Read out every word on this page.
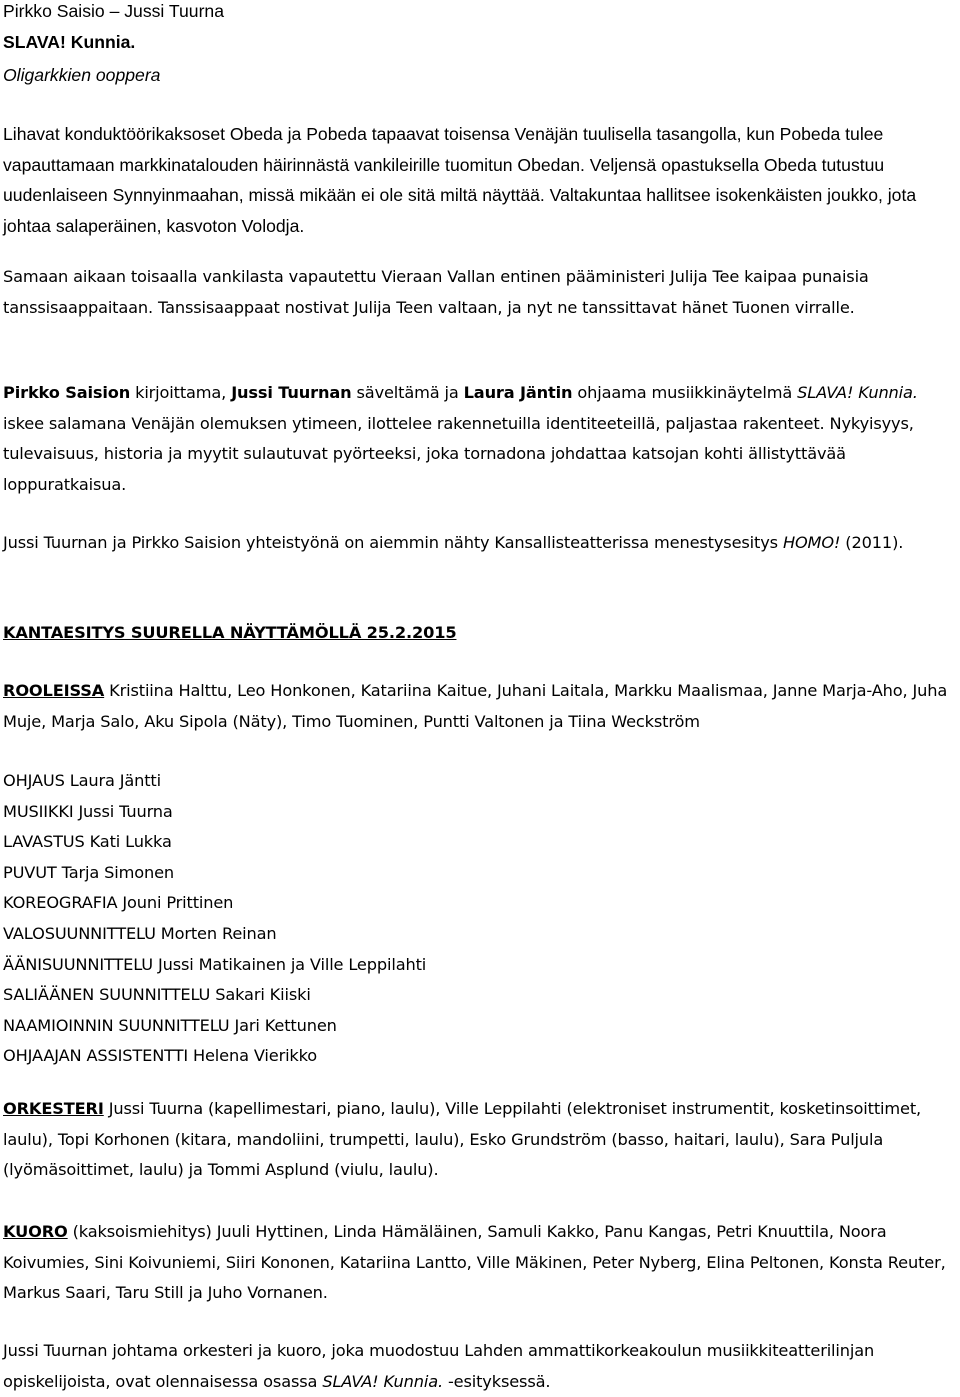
Pirkko Saisio – Jussi Tuurna
SLAVA! Kunnia.
Oligarkkien ooppera
Lihavat konduktöörikaksoset Obeda ja Pobeda tapaavat toisensa Venäjän tuulisella tasangolla, kun Pobeda tulee vapauttamaan markkinatalouden häirinnästä vankileirille tuomitun Obedan. Veljensä opastuksella Obeda tutustuu uudenlaiseen Synnyinmaahan, missä mikään ei ole sitä miltä näyttää. Valtakuntaa hallitsee isokenkäisten joukko, jota johtaa salaperäinen, kasvoton Volodja.
Samaan aikaan toisaalla vankilasta vapautettu Vieraan Vallan entinen pääministeri Julija Tee kaipaa punaisia tanssisaappaitaan. Tanssisaappaat nostivat Julija Teen valtaan, ja nyt ne tanssittavat hänet Tuonen virralle.
Pirkko Saision kirjoittama, Jussi Tuurnan säveltämä ja Laura Jäntin ohjaama musiikkinäytelmä SLAVA! Kunnia. iskee salamana Venäjän olemuksen ytimeen, ilottelee rakennetuilla identiteeteillä, paljastaa rakenteet. Nykyisyys, tulevaisuus, historia ja myytit sulautuvat pyörteeksi, joka tornadona johdattaa katsojan kohti ällistyttävää loppuratkaisua.
Jussi Tuurnan ja Pirkko Saision yhteistyönä on aiemmin nähty Kansallisteatterissa menestysesitys HOMO! (2011).
KANTAESITYS SUURELLA NÄYTTÄMÖLLÄ 25.2.2015
ROOLEISSA Kristiina Halttu, Leo Honkonen, Katariina Kaitue, Juhani Laitala, Markku Maalismaa, Janne Marja-Aho, Juha Muje, Marja Salo, Aku Sipola (Näty), Timo Tuominen, Puntti Valtonen ja Tiina Weckström
OHJAUS Laura Jäntti
MUSIIKKI Jussi Tuurna
LAVASTUS Kati Lukka
PUVUT Tarja Simonen
KOREOGRAFIA Jouni Prittinen
VALOSUUNNITTELU Morten Reinan
ÄÄNISUUNNITTELU Jussi Matikainen ja Ville Leppilahti
SALIÄÄNEN SUUNNITTELU Sakari Kiiski
NAAMIOINNIN SUUNNITTELU Jari Kettunen
OHJAAJAN ASSISTENTTI Helena Vierikko
ORKESTERI Jussi Tuurna (kapellimestari, piano, laulu), Ville Leppilahti (elektroniset instrumentit, kosketinsoittimet, laulu), Topi Korhonen (kitara, mandoliini, trumpetti, laulu), Esko Grundström (basso, haitari, laulu), Sara Puljula (lyömäsoittimet, laulu) ja Tommi Asplund (viulu, laulu).
KUORO (kaksoismiehitys) Juuli Hyttinen, Linda Hämäläinen, Samuli Kakko, Panu Kangas, Petri Knuuttila, Noora Koivumies, Sini Koivuniemi, Siiri Kononen, Katariina Lantto, Ville Mäkinen, Peter Nyberg, Elina Peltonen, Konsta Reuter, Markus Saari, Taru Still ja Juho Vornanen.
Jussi Tuurnan johtama orkesteri ja kuoro, joka muodostuu Lahden ammattikorkeakoulun musiikkiteatterilinjan opiskelijoista, ovat olennaisessa osassa SLAVA! Kunnia. -esityksessä.
